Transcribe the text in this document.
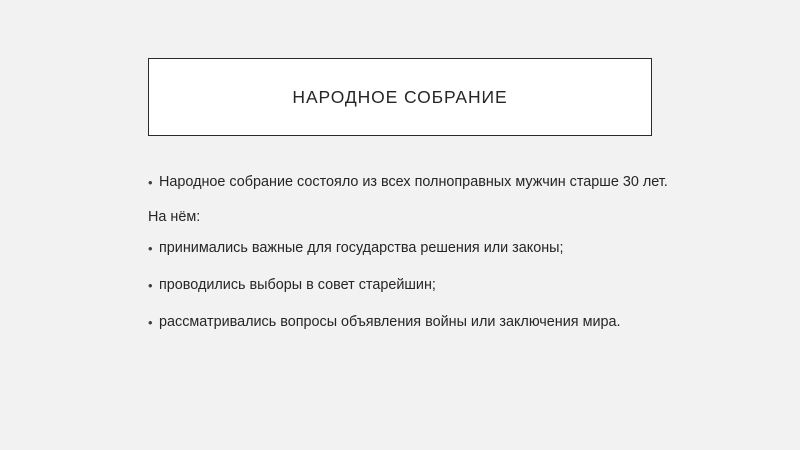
НАРОДНОЕ СОБРАНИЕ
• Народное собрание состояло из всех полноправных мужчин старше 30 лет.
На нём:
• принимались важные для государства решения или законы;
• проводились выборы в совет старейшин;
• рассматривались вопросы объявления войны или заключения мира.
